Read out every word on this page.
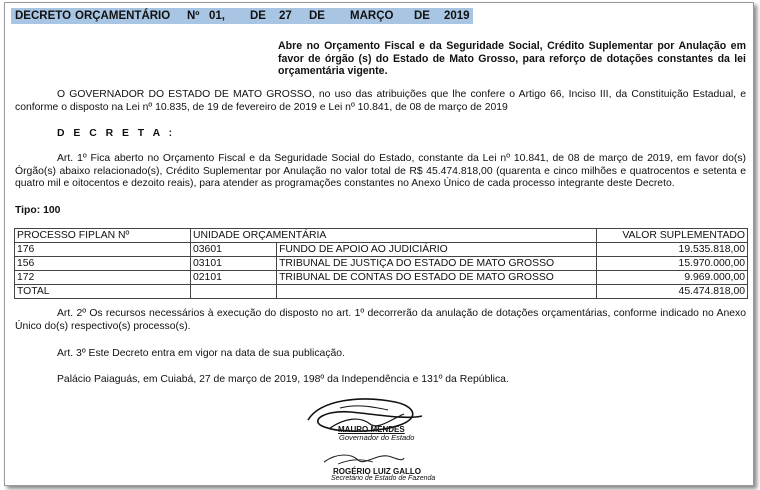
DECRETO ORÇAMENTÁRIO Nº 01, DE 27 DE MARÇO DE 2019
Abre no Orçamento Fiscal e da Seguridade Social, Crédito Suplementar por Anulação em favor de órgão (s) do Estado de Mato Grosso, para reforço de dotações constantes da lei orçamentária vigente.
O GOVERNADOR DO ESTADO DE MATO GROSSO, no uso das atribuições que lhe confere o Artigo 66, Inciso III, da Constituição Estadual, e conforme o disposto na Lei nº 10.835, de 19 de fevereiro de 2019 e Lei nº 10.841, de 08 de março de 2019
D E C R E T A :
Art. 1º Fica aberto no Orçamento Fiscal e da Seguridade Social do Estado, constante da Lei nº 10.841, de 08 de março de 2019, em favor do(s) Órgão(s) abaixo relacionado(s), Crédito Suplementar por Anulação no valor total de R$ 45.474.818,00 (quarenta e cinco milhões e quatrocentos e setenta e quatro mil e oitocentos e dezoito reais), para atender as programações constantes no Anexo Único de cada processo integrante deste Decreto.
Tipo: 100
PROCESSO FIPLAN Nº	UNIDADE ORÇAMENTÁRIA		VALOR SUPLEMENTADO
176	03601	FUNDO DE APOIO AO JUDICIÁRIO	19.535.818,00
156	03101	TRIBUNAL DE JUSTIÇA DO ESTADO DE MATO GROSSO	15.970.000,00
172	02101	TRIBUNAL DE CONTAS DO ESTADO DE MATO GROSSO	9.969.000,00
TOTAL			45.474.818,00
Art. 2º Os recursos necessários à execução do disposto no art. 1º decorrerão da anulação de dotações orçamentárias, conforme indicado no Anexo Único do(s) respectivo(s) processo(s).
Art. 3º Este Decreto entra em vigor na data de sua publicação.
Palácio Paiaguás, em Cuiabá, 27 de março de 2019, 198º da Independência e 131º da República.
MAURO MENDES
Governador do Estado
ROGÉRIO LUIZ GALLO
Secretário de Estado de Fazenda
